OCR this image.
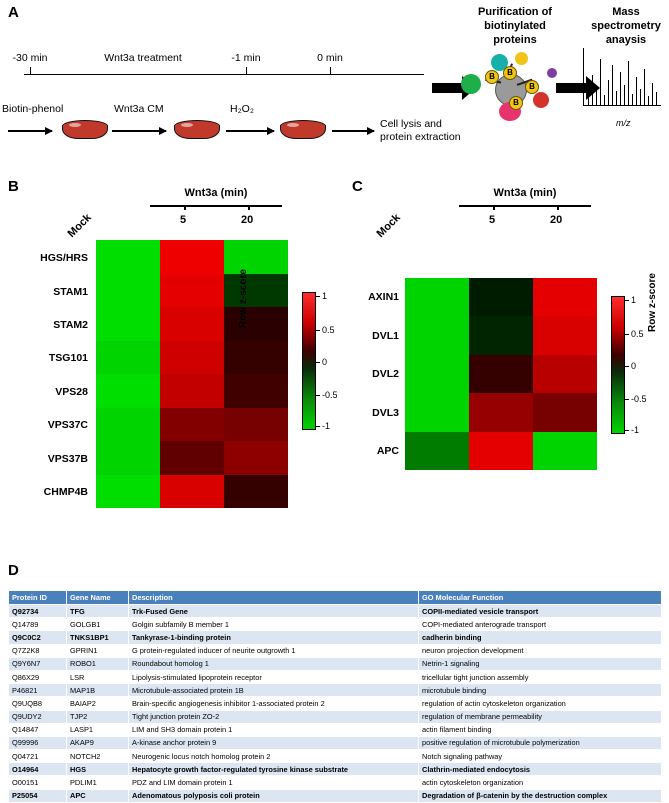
A
-30 min	Wnt3a treatment	-1 min	0 min
Biotin-phenol	Wnt3a CM	H₂O₂
Cell lysis and
protein extraction
Purification of
biotinylated
proteins
Mass
spectrometry
anaysis
B	B
B
B
m/z
B	Wnt3a (min)
Mock	5	20
HGS/HRS
STAM1
STAM2
TSG101
VPS28
VPS37C
VPS37B
CHMP4B
1
0.5
0
-0.5
-1
Row z-score
C	Wnt3a (min)
Mock	5	20
AXIN1
DVL1
DVL2
DVL3
APC
1
0.5
0
-0.5
-1
Row z-score
D
Protein ID	Gene Name	Description	GO Molecular Function
Q92734	TFG	Trk-Fused Gene	COPII-mediated vesicle transport
Q14789	GOLGB1	Golgin subfamily B member 1	COPI-mediated anterograde transport
Q9C0C2	TNKS1BP1	Tankyrase-1-binding protein	cadherin binding
Q7Z2K8	GPRIN1	G protein-regulated inducer of neurite outgrowth 1	neuron projection development
Q9Y6N7	ROBO1	Roundabout homolog 1	Netrin-1 signaling
Q86X29	LSR	Lipolysis-stimulated lipoprotein receptor	tricellular tight junction assembly
P46821	MAP1B	Microtubule-associated protein 1B	microtubule binding
Q9UQB8	BAIAP2	Brain-specific angiogenesis inhibitor 1-associated protein 2	regulation of actin cytoskeleton organization
Q9UDY2	TJP2	Tight junction protein ZO-2	regulation of membrane permeability
Q14847	LASP1	LIM and SH3 domain protein 1	actin filament binding
Q99996	AKAP9	A-kinase anchor protein 9	positive regulation of microtubule polymerization
Q04721	NOTCH2	Neurogenic locus notch homolog protein 2	Notch signaling pathway
O14964	HGS	Hepatocyte growth factor-regulated tyrosine kinase substrate	Clathrin-mediated endocytosis
O00151	PDLIM1	PDZ and LIM domain protein 1	actin cytoskeleton organization
P25054	APC	Adenomatous polyposis coli protein	Degradation of β-catenin by the destruction complex
